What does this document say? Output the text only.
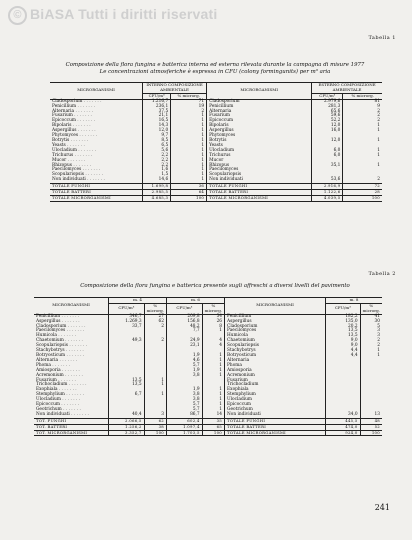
© BiASA Tutti i diritti riservati
Tabella 1
Composizione della flora fungina e batterica interna ed esterna rilevata durante la campagna di misure 1977
Le concentrazioni atmosferiche è espressa in CFU (colony formingunits) per m³ aria
MICRORGANISMI	INTERNO COMPOSIZIONE AMBIENTALE		MICRORGANISMI	ESTERNO COMPOSIZIONE AMBIENTALE	
	CFU/m³	% microrg.		CFU/m³	% microrg.
Cladosporium . . .	1.216,7	71	Cladosporium	2.979,6	81
Penicillium . . .	236,1	19	Penicillium	281,3	9
Alternaria . . .	37,5	2	Alternaria	65,6	2
Fusarium . . .	21,1	1	Fusarium	59,6	2
Epicoccum . . .	16,5	1	Epicoccum	52,2	2
Bipolaris . . .	14,3	1	Bipolaris	12,0	1
Aspergillus . . .	12,0	1	Aspergillus	16,0	1
Phytomyces . . .	9,7	1	Phytomyces		
Botrytis . . .	8,5	1	Botrytis	12,0	1
Yeasts . . .	6,5	1	Yeasts		
Ulocladium . . .	5,6	1	Ulocladium	6,0	1
Trichurus . . .	2,2	1	Trichurus	6,0	1
Mucor . . .	2,2	1	Mucor		
Rhizopus . . .	2,2	1	Rhizopus	35,1	1
Paecilomyces . . .	1,6	1	Paecilomyces		
Scopulariopsis . . .	1,5	1	Scopulariopsis		
Non individuati . . .	14,6	1	Non individuati	53,6	2
TOTALE FUNGHI	1.699,8	36	TOTALE FUNGHI	2.916,9	72
TOTALE BATTERI	2.985,5	64	TOTALE BATTERI	1.122,6	28
TOTALE MICRORGANISMI	4.685,3	100	TOTALE MICRORGANISMI	4.039,5	100
Tabella 2
Composizione della flora fungina e batterica presente sugli affreschi a diversi livelli del pavimento
MICRORGANISMI	m. 4		m. 6		MICRORGANISMI	m. 8	
	CFU/m³	% microrg.	CFU/m³	% microrg.		CFU/m³	% microrg.
Penicillium . . .	346,7	27	209,8	34	Penicillium	182,2	41
Aspergillus . . .	1.269,3	62	156,8	26	Aspergillus	135,0	30
Cladosporium . . .	33,7	2	48,2	8	Cladosporium	20,2	5
Paecilomyces . . .			7,7	1	Paecilomyces	13,5	3
Humicola . . .					Humicola	13,5	3
Chaetomium . . .	49,3	2	24,9	4	Chaetomium	9,0	2
Scopulariopsis . . .			23,1	4	Scopulariopsis	9,0	2
Stachybotrys . . .					Stachybotrys	4,4	1
Botryosticum . . .			1,9	1	Botryosticum	4,4	1
Alternaria . . .			4,6	1	Alternaria		
Phoma . . .			5,7	1	Phoma		
Amiosporia . . .			1,9	1	Amiosporia		
Acremonium . . .			3,8	1	Acremonium		
Fusarium . . .	13,5	1			Fusarium		
Trichocladium . . .	13,5	1			Trichocladium		
Exophiala . . .			1,9	1	Exophiala		
Stemphylium . . .	6,7	1	3,8	1	Stemphylium		
Ulocladium . . .			3,8	1	Ulocladium		
Epicoccum . . .			5,7	1	Epicoccum		
Geotrichum . . .			5,7	1	Geotrichum		
Non individuati . . .	40,4	3	86,7	14	Non individuati	34,0	13
TOT. FUNGHI	2.066,5	62	602,4	35	TOTALE FUNGHI	445,5	48
TOT. BATTERI	1.256,2	38	1.097,4	65	TOTALE BATTERI	474,0	52
TOT. MICRORGANISMI	3.352,7	100	1.703,5	100	TOTALE MICRORGANISMI	924,0	100
241
